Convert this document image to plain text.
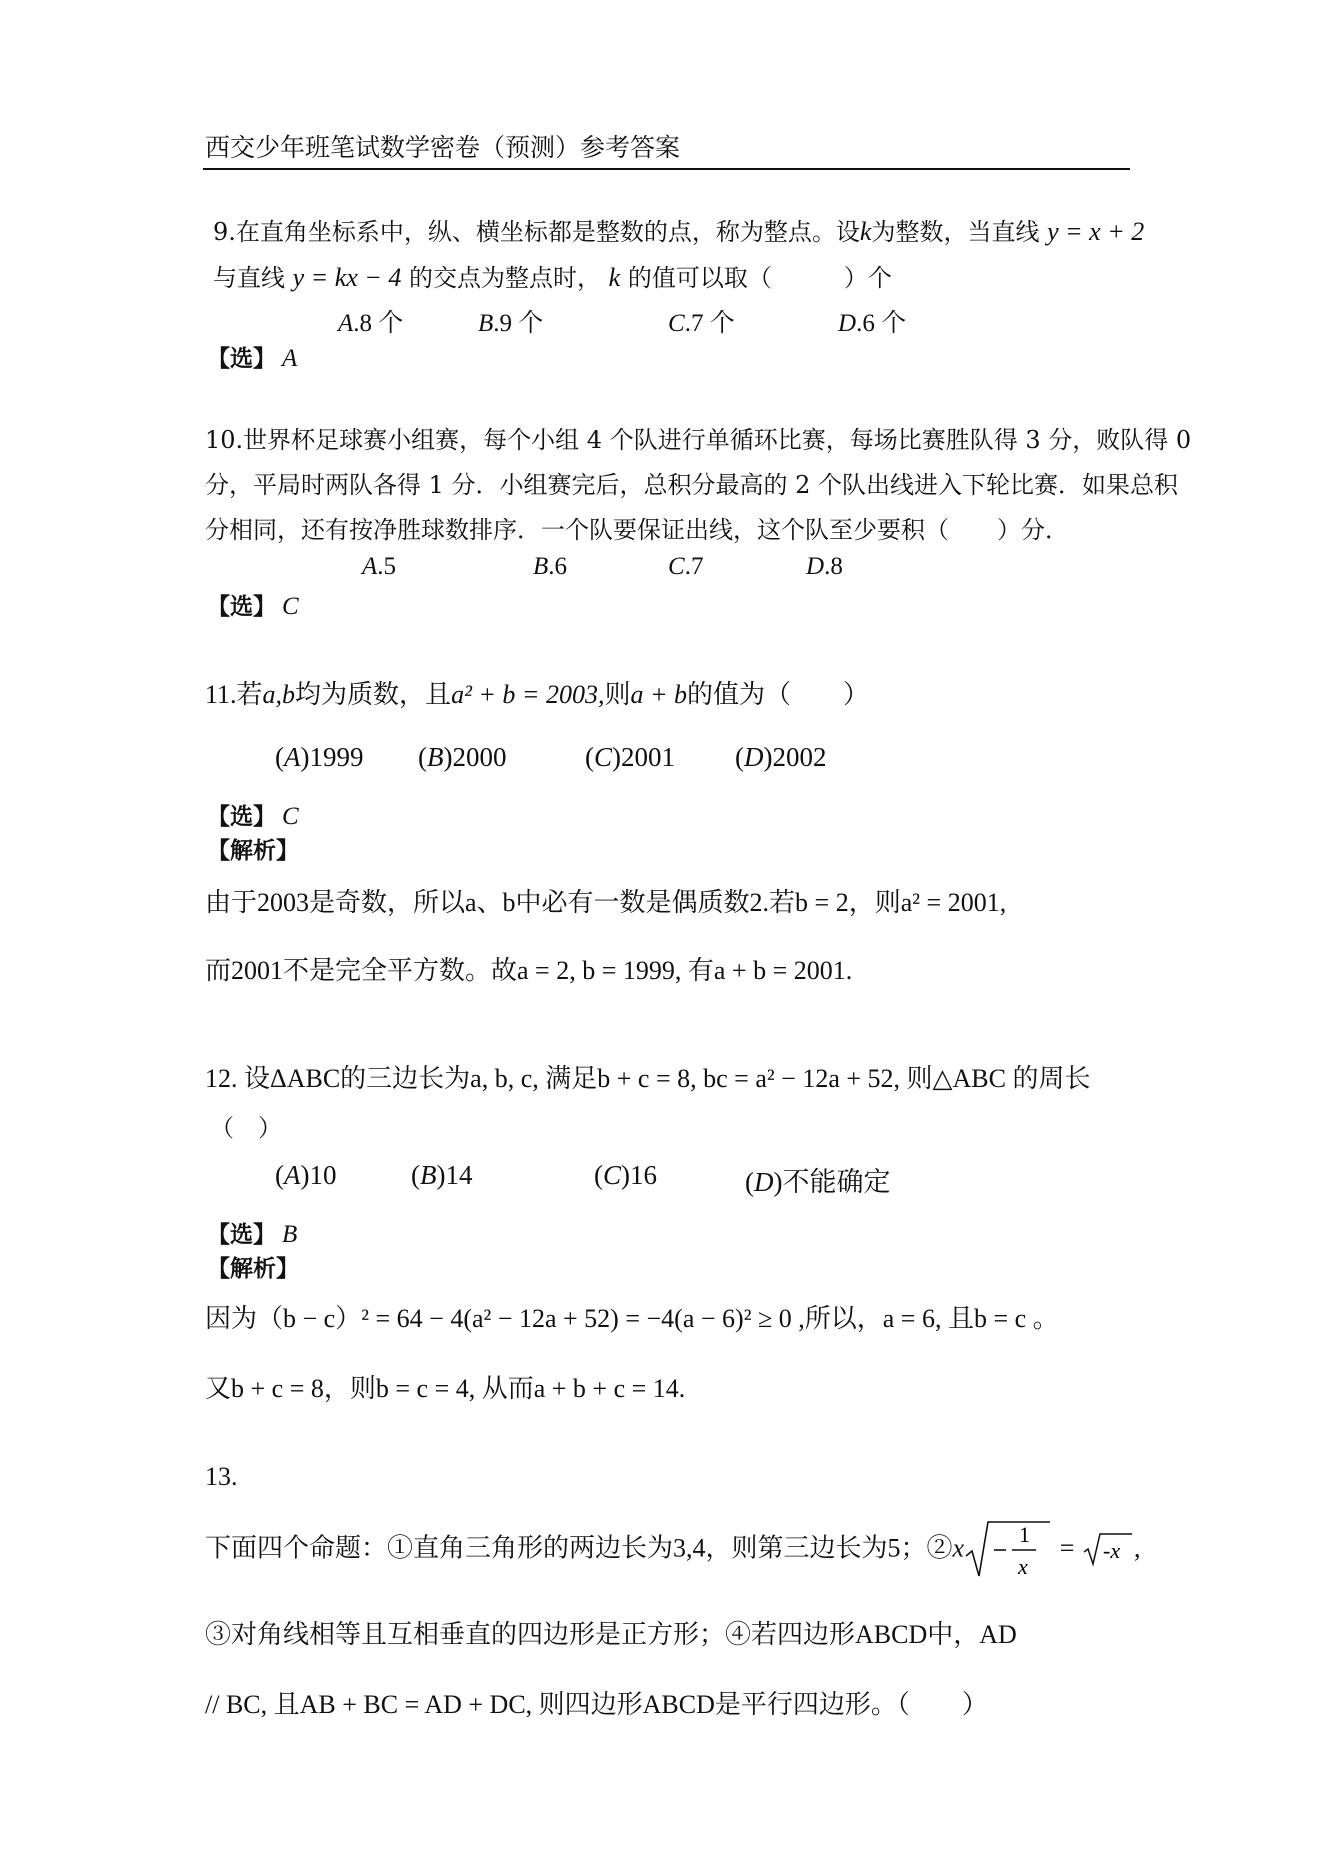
西交少年班笔试数学密卷（预测）参考答案
9.在直角坐标系中，纵、横坐标都是整数的点，称为整点。设k为整数，当直线 y = x + 2
与直线 y = kx − 4 的交点为整点时， k 的值可以取（　　　）个
A.8 个	B.9 个	C.7 个	D.6 个
【选】 A
10.世界杯足球赛小组赛，每个小组 4 个队进行单循环比赛，每场比赛胜队得 3 分，败队得 0
分，平局时两队各得 1 分．小组赛完后，总积分最高的 2 个队出线进入下轮比赛．如果总积
分相同，还有按净胜球数排序．一个队要保证出线，这个队至少要积（　　）分．
A.5	B.6	C.7	D.8
【选】 C
11.若a,b均为质数，且a² + b = 2003,则a + b的值为（　　）
(A)1999 (B)2000	(C)2001 (D)2002
【选】 C
【解析】
由于2003是奇数，所以a、b中必有一数是偶质数2.若b = 2，则a² = 2001,
而2001不是完全平方数。故a = 2, b = 1999, 有a + b = 2001.
12. 设ΔABC的三边长为a, b, c, 满足b + c = 8, bc = a² − 12a + 52, 则△ABC 的周长
（　）
(A)10	(B)14	(C)16	(D)不能确定
【选】 B
【解析】
因为（b − c）² = 64 − 4(a² − 12a + 52) = −4(a − 6)² ≥ 0 ,所以，a = 6, 且b = c 。
又b + c = 8，则b = c = 4, 从而a + b + c = 14.
13.
下面四个命题：①直角三角形的两边长为3,4，则第三边长为5；②x	1
x
= -x ,
③对角线相等且互相垂直的四边形是正方形；④若四边形ABCD中，AD
// BC, 且AB + BC = AD + DC, 则四边形ABCD是平行四边形。（　　）
